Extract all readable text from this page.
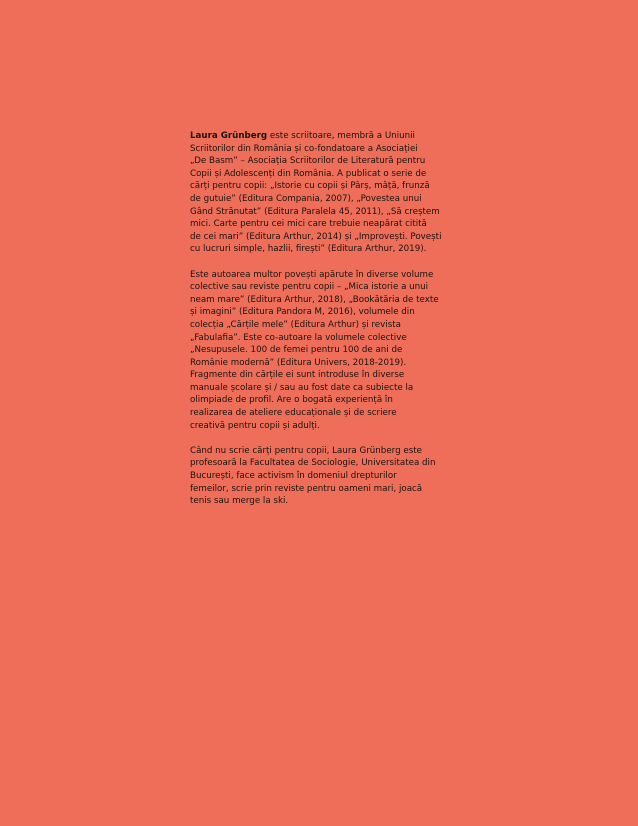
Laura Grünberg este scriitoare, membră a Uniunii
Scriitorilor din România și co-fondatoare a Asociației
„De Basm” – Asociația Scriitorilor de Literatură pentru
Copii și Adolescenți din România. A publicat o serie de
cărți pentru copii: „Istorie cu copii și Pârș, mâță, frunză
de gutuie” (Editura Compania, 2007), „Povestea unui
Gând Strănutat” (Editura Paralela 45, 2011), „Să creștem
mici. Carte pentru cei mici care trebuie neapărat citită
de cei mari” (Editura Arthur, 2014) și „Improvești. Povești
cu lucruri simple, hazlii, firești” (Editura Arthur, 2019).

Este autoarea multor povești apărute în diverse volume
colective sau reviste pentru copii – „Mica istorie a unui
neam mare” (Editura Arthur, 2018), „Bookătăria de texte
și imagini” (Editura Pandora M, 2016), volumele din
colecția „Cărțile mele” (Editura Arthur) și revista
„Fabulafia”. Este co-autoare la volumele colective
„Nesupusele. 100 de femei pentru 100 de ani de
Românie modernă” (Editura Univers, 2018-2019).
Fragmente din cărțile ei sunt introduse în diverse
manuale școlare și / sau au fost date ca subiecte la
olimpiade de profil. Are o bogată experiență în
realizarea de ateliere educaționale și de scriere
creativă pentru copii și adulți.

Când nu scrie cărți pentru copii, Laura Grünberg este
profesoară la Facultatea de Sociologie, Universitatea din
București, face activism în domeniul drepturilor
femeilor, scrie prin reviste pentru oameni mari, joacă
tenis sau merge la ski.
